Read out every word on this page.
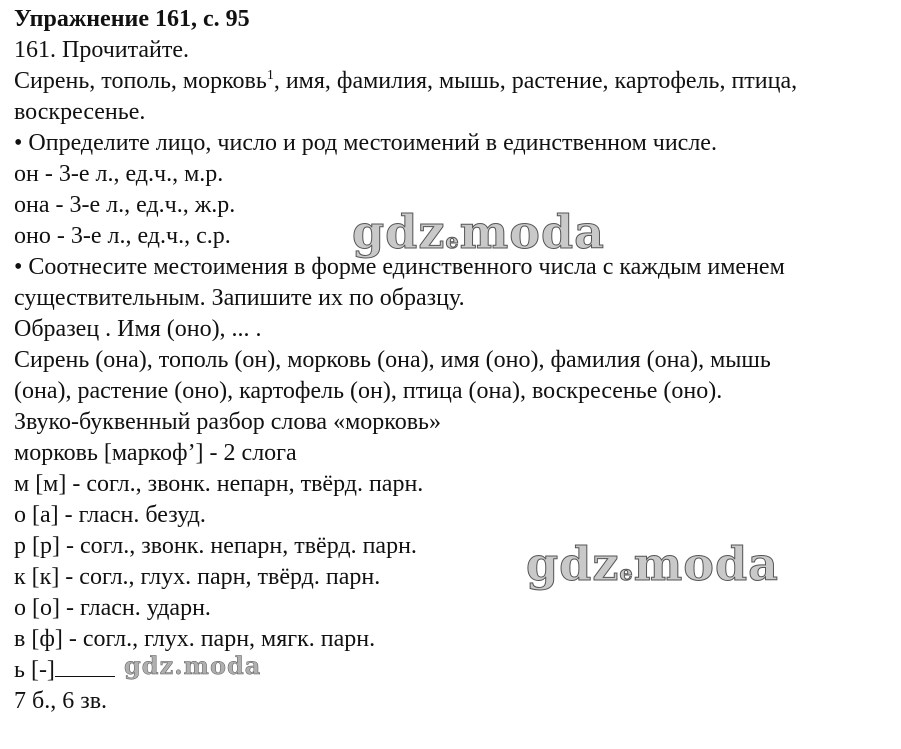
Упражнение 161, с. 95
161. Прочитайте.
Сирень, тополь, морковь$^1$, имя, фамилия, мышь, растение, картофель, птица,
воскресенье.
• Определите лицо, число и род местоимений в единственном числе.
он - 3-е л., ед.ч., м.р.
она - 3-е л., ед.ч., ж.р.
оно - 3-е л., ед.ч., с.р.
• Соотнесите местоимения в форме единственного числа с каждым именем
существительным. Запишите их по образцу.
Образец . Имя (оно), ... .
Сирень (она), тополь (он), морковь (она), имя (оно), фамилия (она), мышь
(она), растение (оно), картофель (он), птица (она), воскресенье (оно).
Звуко-буквенный разбор слова «морковь»
морковь [маркоф’] - 2 слога
м [м] - согл., звонк. непарн, твёрд. парн.
о [а] - гласн. безуд.
р [р] - согл., звонк. непарн, твёрд. парн.
к [к] - согл., глух. парн, твёрд. парн.
о [о] - гласн. ударн.
в [ф] - согл., глух. парн, мягк. парн.
ь [-]
7 б., 6 зв.
gdzemoda
gdzemoda
gdz.moda
